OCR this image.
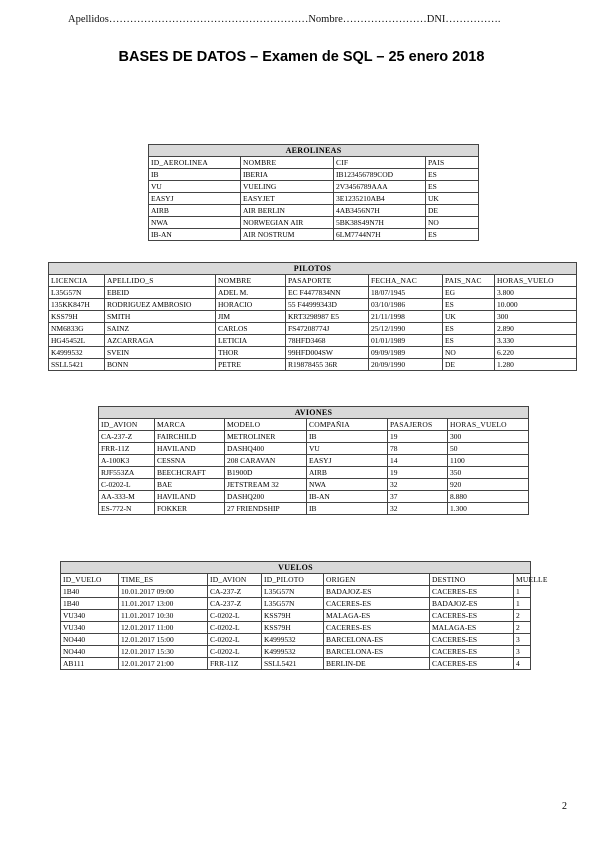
Apellidos…………………………………………………Nombre……………………DNI…………….
BASES DE DATOS – Examen de SQL – 25 enero 2018
AEROLINEAS			
ID_AEROLINEA	NOMBRE	CIF	PAIS
IB	IBERIA	IB123456789COD	ES
VU	VUELING	2V3456789AAA	ES
EASYJ	EASYJET	3E1235210AB4	UK
AIRB	AIR BERLIN	4AB3456N7H	DE
NWA	NORWEGIAN AIR	5BK38S49N7H	NO
IB-AN	AIR NOSTRUM	6LM7744N7H	ES
PILOTOS						
LICENCIA	APELLIDO_S	NOMBRE	PASAPORTE	FECHA_NAC	PAIS_NAC	HORAS_VUELO
L35G57N	EBEID	ADEL M.	EC F4477834NN	18/07/1945	EG	3.800
135KK847H	RODRIGUEZ AMBROSIO	HORACIO	55 F44999343D	03/10/1986	ES	10.000
KSS79H	SMITH	JIM	KRT3298987 E5	21/11/1998	UK	300
NM6833G	SAINZ	CARLOS	FS47208774J	25/12/1990	ES	2.890
HG45452L	AZCARRAGA	LETICIA	78HFD3468	01/01/1989	ES	3.330
K4999532	SVEIN	THOR	99HFD004SW	09/09/1989	NO	6.220
SSLL5421	BONN	PETRE	R19878455 36R	20/09/1990	DE	1.280
AVIONES					
ID_AVION	MARCA	MODELO	COMPAÑIA	PASAJEROS	HORAS_VUELO
CA-237-Z	FAIRCHILD	METROLINER	IB	19	300
FRR-11Z	HAVILAND	DASHQ400	VU	78	50
A-100K3	CESSNA	208 CARAVAN	EASYJ	14	1100
RJF553ZA	BEECHCRAFT	B1900D	AIRB	19	350
C-0202-L	BAE	JETSTREAM 32	NWA	32	920
AA-333-M	HAVILAND	DASHQ200	IB-AN	37	8.880
ES-772-N	FOKKER	27 FRIENDSHIP	IB	32	1.300
VUELOS						
ID_VUELO	TIME_ES	ID_AVION	ID_PILOTO	ORIGEN	DESTINO	MUELLE
1B40	10.01.2017 09:00	CA-237-Z	L35G57N	BADAJOZ-ES	CACERES-ES	1
1B40	11.01.2017 13:00	CA-237-Z	L35G57N	CACERES-ES	BADAJOZ-ES	1
VU340	11.01.2017 10:30	C-0202-L	KSS79H	MALAGA-ES	CACERES-ES	2
VU340	12.01.2017 11:00	C-0202-L	KSS79H	CACERES-ES	MALAGA-ES	2
NO440	12.01.2017 15:00	C-0202-L	K4999532	BARCELONA-ES	CACERES-ES	3
NO440	12.01.2017 15:30	C-0202-L	K4999532	BARCELONA-ES	CACERES-ES	3
AB111	12.01.2017 21:00	FRR-11Z	SSLL5421	BERLIN-DE	CACERES-ES	4
2
